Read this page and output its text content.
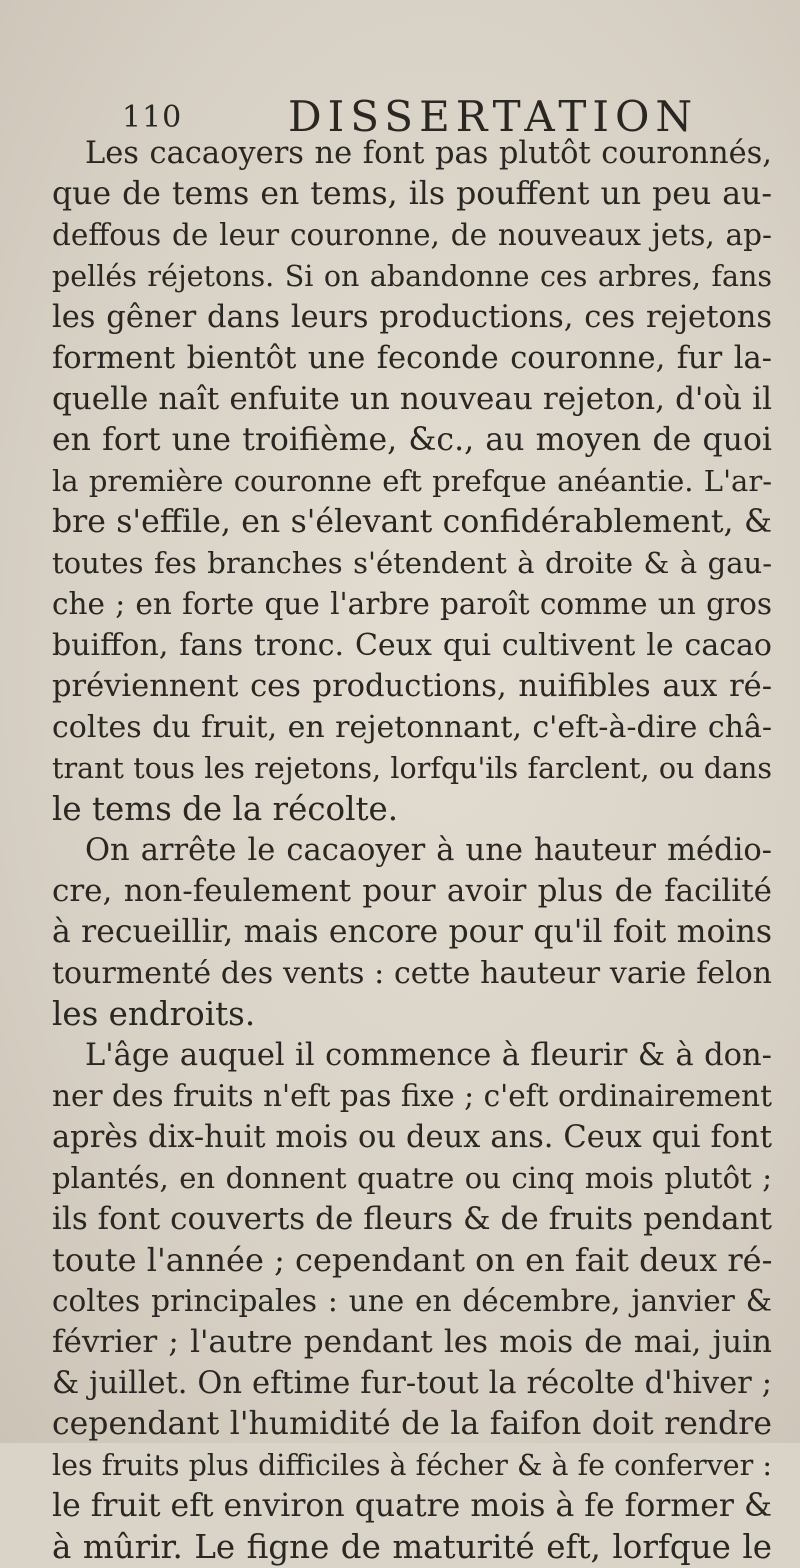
110	DISSERTATION
Les cacaoyers ne font pas plutôt couronnés,
que de tems en tems, ils pouffent un peu au-
deffous de leur couronne, de nouveaux jets, ap-
pellés réjetons. Si on abandonne ces arbres, fans
les gêner dans leurs productions, ces rejetons
forment bientôt une feconde couronne, fur la-
quelle naît enfuite un nouveau rejeton, d'où il
en fort une troifième, &c., au moyen de quoi
la première couronne eft prefque anéantie. L'ar-
bre s'effile, en s'élevant confidérablement, &
toutes fes branches s'étendent à droite & à gau-
che ; en forte que l'arbre paroît comme un gros
buiffon, fans tronc. Ceux qui cultivent le cacao
préviennent ces productions, nuifibles aux ré-
coltes du fruit, en rejetonnant, c'eft-à-dire châ-
trant tous les rejetons, lorfqu'ils farclent, ou dans
le tems de la récolte.
On arrête le cacaoyer à une hauteur médio-
cre, non-feulement pour avoir plus de facilité
à recueillir, mais encore pour qu'il foit moins
tourmenté des vents : cette hauteur varie felon
les endroits.
L'âge auquel il commence à fleurir & à don-
ner des fruits n'eft pas fixe ; c'eft ordinairement
après dix-huit mois ou deux ans. Ceux qui font
plantés, en donnent quatre ou cinq mois plutôt ;
ils font couverts de fleurs & de fruits pendant
toute l'année ; cependant on en fait deux ré-
coltes principales : une en décembre, janvier &
février ; l'autre pendant les mois de mai, juin
& juillet. On eftime fur-tout la récolte d'hiver ;
cependant l'humidité de la faifon doit rendre
les fruits plus difficiles à fécher & à fe conferver :
le fruit eft environ quatre mois à fe former &
à mûrir. Le figne de maturité eft, lorfque le
